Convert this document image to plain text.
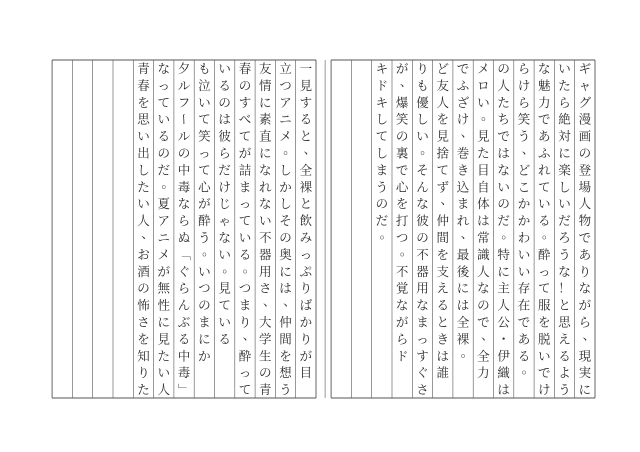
ギ
ャ
グ
漫
画
の
登
場
人
物
で
あ
り
な
が
ら
、
現
実
に
い
た
ら
絶
対
に
楽
し
い
だ
ろ
う
な
！
と
思
え
る
よ
う
な
魅
力
で
あ
ふ
れ
て
い
る
。
酔
っ
て
服
を
脱
い
で
け
ら
け
ら
笑
う
、
ど
こ
か
か
わ
い
い
存
在
で
あ
る
。
の
人
た
ち
で
は
な
い
の
だ
。
特
に
主
人
公
・
伊
織
は
メ
ロ
い
。
見
た
目
自
体
は
常
識
人
な
の
で
、
全
力
で
ふ
ざ
け
、
巻
き
込
ま
れ
、
最
後
に
は
全
裸
。
ど
友
人
を
見
捨
て
ず
、
仲
間
を
支
え
る
と
き
は
誰
り
も
優
し
い
。
そ
ん
な
彼
の
不
器
用
な
ま
っ
す
ぐ
さ
が
、
爆
笑
の
裏
で
心
を
打
つ
。
不
覚
な
が
ら
ド
キ
ド
キ
し
て
し
ま
う
の
だ
。
一
見
す
る
と
、
全
裸
と
飲
み
っ
ぷ
り
ば
か
り
が
目
立
つ
ア
ニ
メ
。
し
か
し
そ
の
奥
に
は
、
仲
間
を
想
う
友
情
に
素
直
に
な
れ
な
い
不
器
用
さ
、
大
学
生
の
青
春
の
す
べ
て
が
詰
ま
っ
て
い
る
。
つ
ま
り
、
酔
っ
て
い
る
の
は
彼
ら
だ
け
じ
ゃ
な
い
。
見
て
い
る
も
泣
い
て
笑
っ
て
心
が
酔
う
。
い
つ
の
ま
に
か
夕
ル
フ
ー
ル
の
中
毒
な
ら
ぬ
「
ぐ
ら
ん
ぶ
る
中
毒
」
な
っ
て
い
る
の
だ
。
夏
ア
ニ
メ
が
無
性
に
見
た
い
人
青
春
を
思
い
出
し
た
い
人
、
お
酒
の
怖
さ
を
知
り
た
